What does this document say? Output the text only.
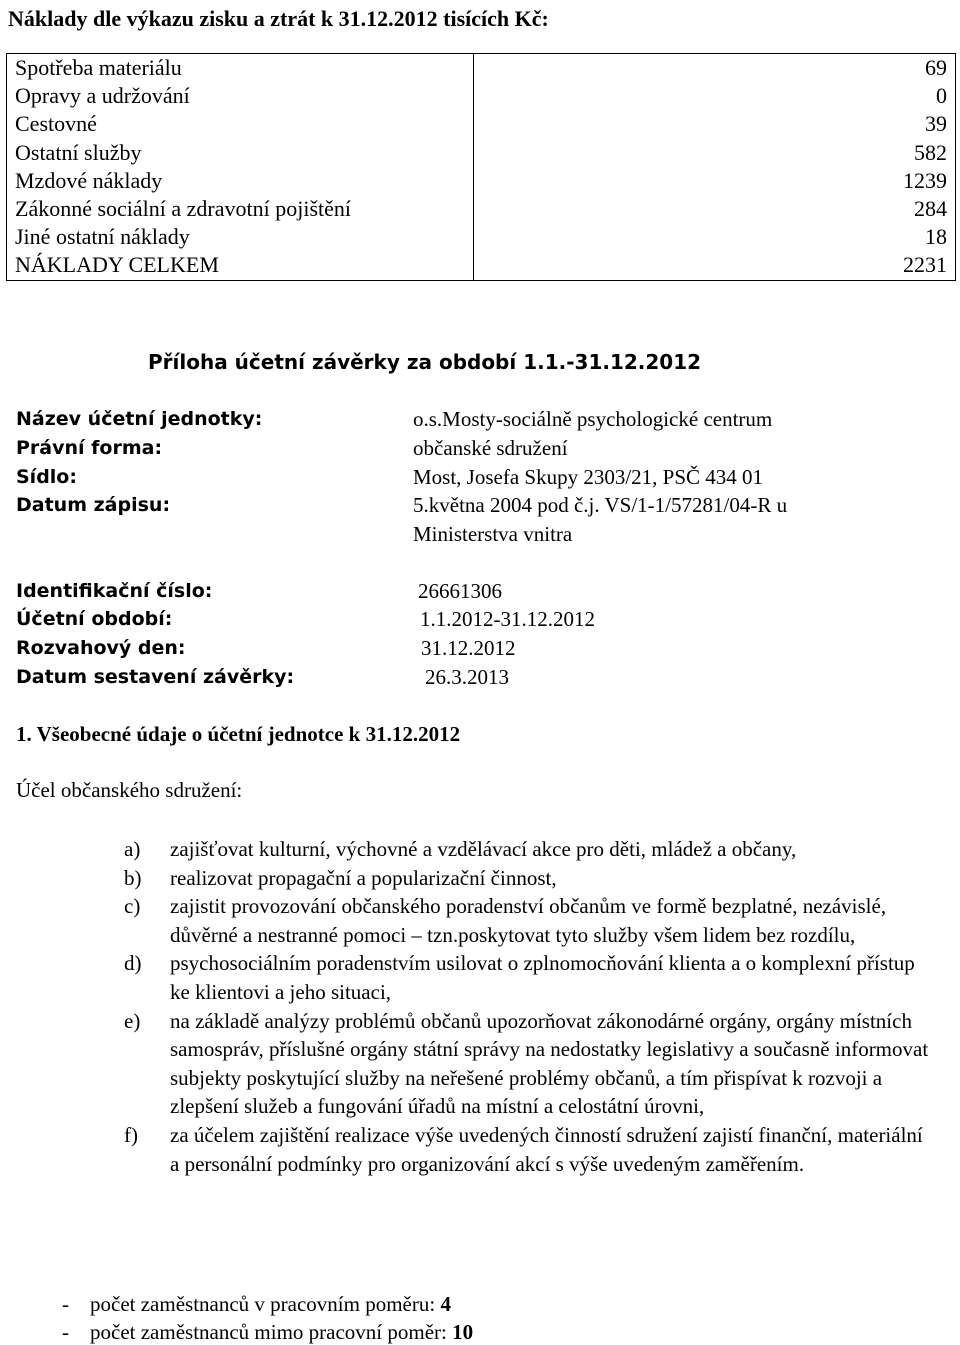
Náklady dle výkazu zisku a ztrát k 31.12.2012 tisících Kč:
Spotřeba materiálu	69
Opravy a udržování	0
Cestovné	39
Ostatní služby	582
Mzdové náklady	1239
Zákonné sociální a zdravotní pojištění	284
Jiné ostatní náklady	18
NÁKLADY CELKEM	2231
Příloha účetní závěrky za období 1.1.-31.12.2012
Název účetní jednotky:	o.s.Mosty-sociálně psychologické centrum
Právní forma:	občanské sdružení
Sídlo:	Most, Josefa Skupy 2303/21, PSČ 434 01
Datum zápisu:	5.května 2004 pod č.j. VS/1-1/57281/04-R u
Ministerstva vnitra
Identifikační číslo:	26661306
Účetní období:	1.1.2012-31.12.2012
Rozvahový den:	31.12.2012
Datum sestavení závěrky:	26.3.2013
1. Všeobecné údaje o účetní jednotce k 31.12.2012
Účel občanského sdružení:
a)	zajišťovat kulturní, výchovné a vzdělávací akce pro děti, mládež a občany,
b)	realizovat propagační a popularizační činnost,
c)	zajistit provozování občanského poradenství občanům ve formě bezplatné, nezávislé, důvěrné a nestranné pomoci – tzn.poskytovat tyto služby všem lidem bez rozdílu,
d)	psychosociálním poradenstvím usilovat o zplnomocňování klienta a o komplexní přístup ke klientovi a jeho situaci,
e)	na základě analýzy problémů občanů upozorňovat zákonodárné orgány, orgány místních samospráv, příslušné orgány státní správy na nedostatky legislativy a současně informovat subjekty poskytující služby na neřešené problémy občanů, a tím přispívat k rozvoji a zlepšení služeb a fungování úřadů na místní a celostátní úrovni,
f)	za účelem zajištění realizace výše uvedených činností sdružení zajistí finanční, materiální a personální podmínky pro organizování akcí s výše uvedeným zaměřením.
-    počet zaměstnanců v pracovním poměru: 4
-    počet zaměstnanců mimo pracovní poměr: 10
